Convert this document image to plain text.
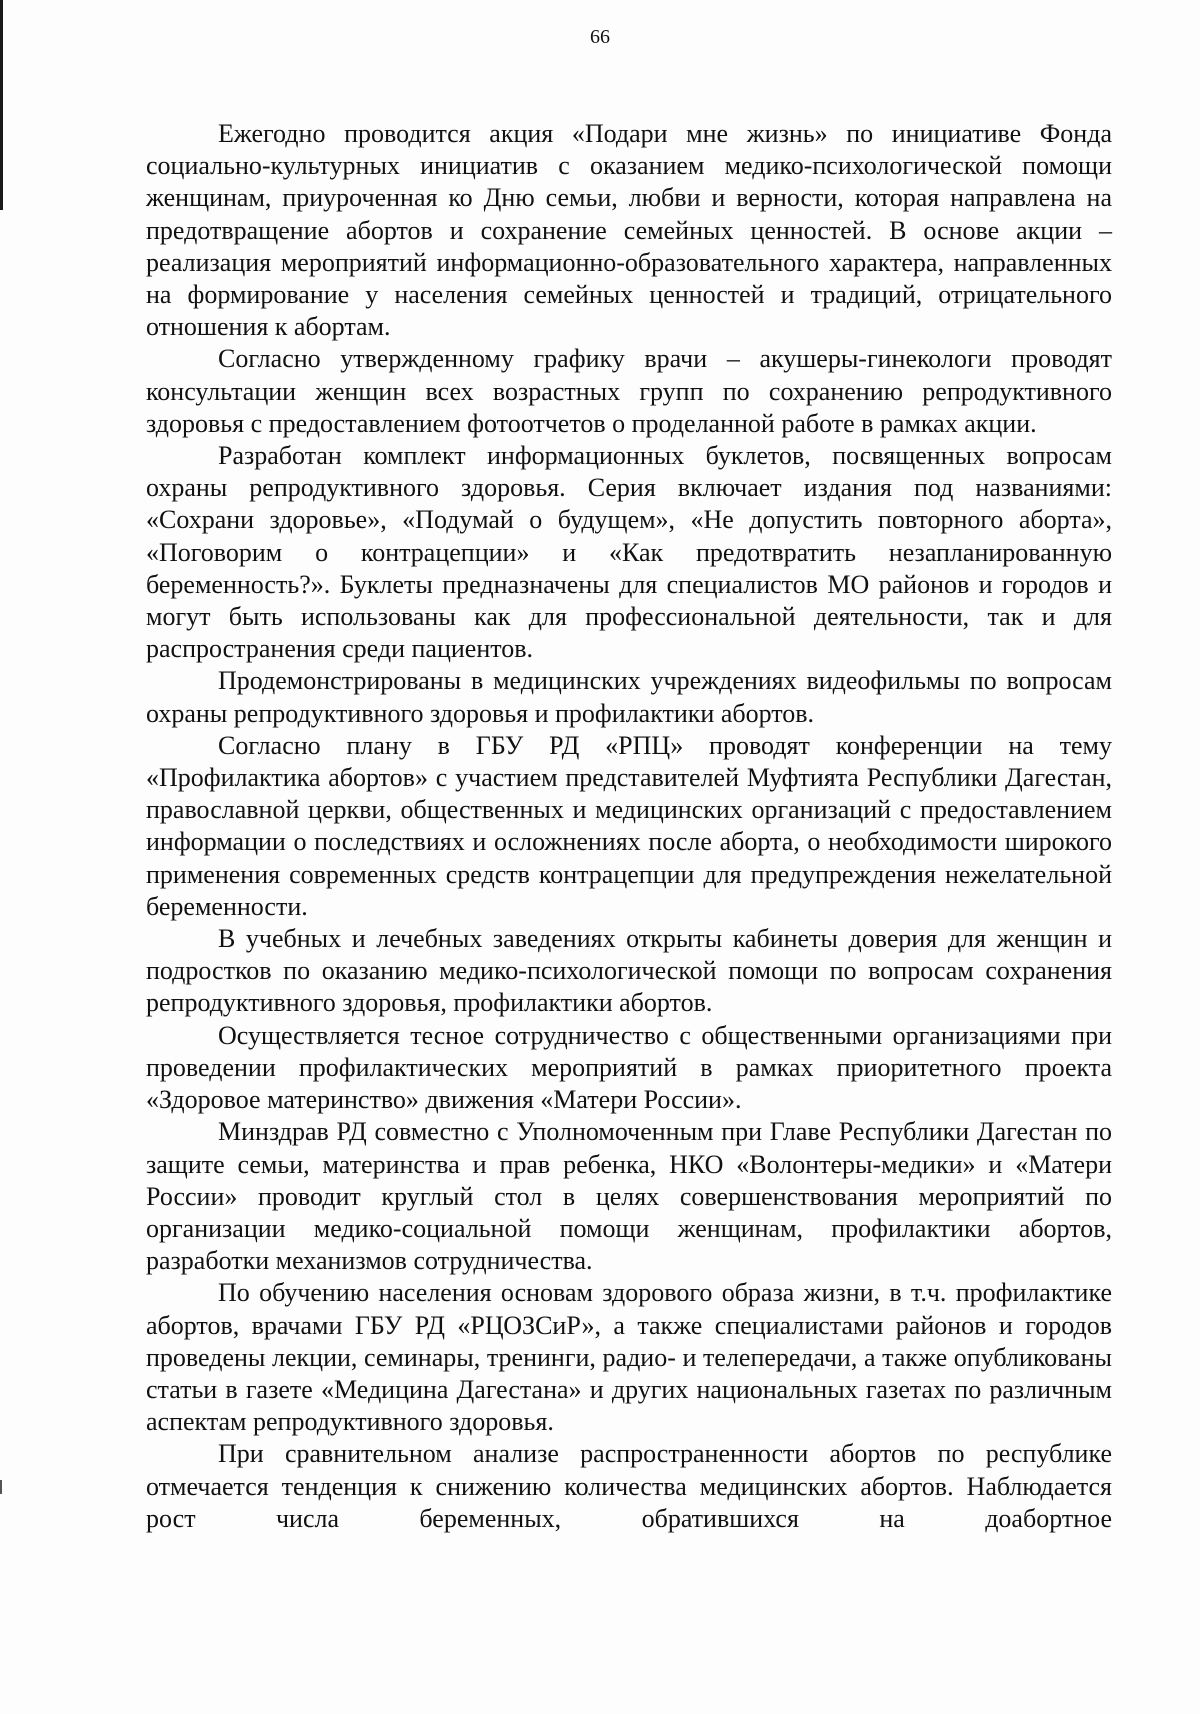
66

Ежегодно проводится акция «Подари мне жизнь» по инициативе Фонда социально-культурных инициатив с оказанием медико-психологической помощи женщинам, приуроченная ко Дню семьи, любви и верности, которая направлена на предотвращение абортов и сохранение семейных ценностей. В основе акции – реализация мероприятий информационно-образовательного характера, направленных на формирование у населения семейных ценностей и традиций, отрицательного отношения к абортам.

Согласно утвержденному графику врачи – акушеры-гинекологи проводят консультации женщин всех возрастных групп по сохранению репродуктивного здоровья с предоставлением фотоотчетов о проделанной работе в рамках акции.

Разработан комплект информационных буклетов, посвященных вопросам охраны репродуктивного здоровья. Серия включает издания под названиями: «Сохрани здоровье», «Подумай о будущем», «Не допустить повторного аборта», «Поговорим о контрацепции» и «Как предотвратить незапланированную беременность?». Буклеты предназначены для специалистов МО районов и городов и могут быть использованы как для профессиональной деятельности, так и для распространения среди пациентов.

Продемонстрированы в медицинских учреждениях видеофильмы по вопросам охраны репродуктивного здоровья и профилактики абортов.

Согласно плану в ГБУ РД «РПЦ» проводят конференции на тему «Профилактика абортов» с участием представителей Муфтията Республики Дагестан, православной церкви, общественных и медицинских организаций с предоставлением информации о последствиях и осложнениях после аборта, о необходимости широкого применения современных средств контрацепции для предупреждения нежелательной беременности.

В учебных и лечебных заведениях открыты кабинеты доверия для женщин и подростков по оказанию медико-психологической помощи по вопросам сохранения репродуктивного здоровья, профилактики абортов.

Осуществляется тесное сотрудничество с общественными организациями при проведении профилактических мероприятий в рамках приоритетного проекта «Здоровое материнство» движения «Матери России».

Минздрав РД совместно с Уполномоченным при Главе Республики Дагестан по защите семьи, материнства и прав ребенка, НКО «Волонтеры-медики» и «Матери России» проводит круглый стол в целях совершенствования мероприятий по организации медико-социальной помощи женщинам, профилактики абортов, разработки механизмов сотрудничества.

По обучению населения основам здорового образа жизни, в т.ч. профилактике абортов, врачами ГБУ РД «РЦОЗСиР», а также специалистами районов и городов проведены лекции, семинары, тренинги, радио- и телепередачи, а также опубликованы статьи в газете «Медицина Дагестана» и других национальных газетах по различным аспектам репродуктивного здоровья.

При сравнительном анализе распространенности абортов по республике отмечается тенденция к снижению количества медицинских абортов. Наблюдается рост числа беременных, обратившихся на доабортное
